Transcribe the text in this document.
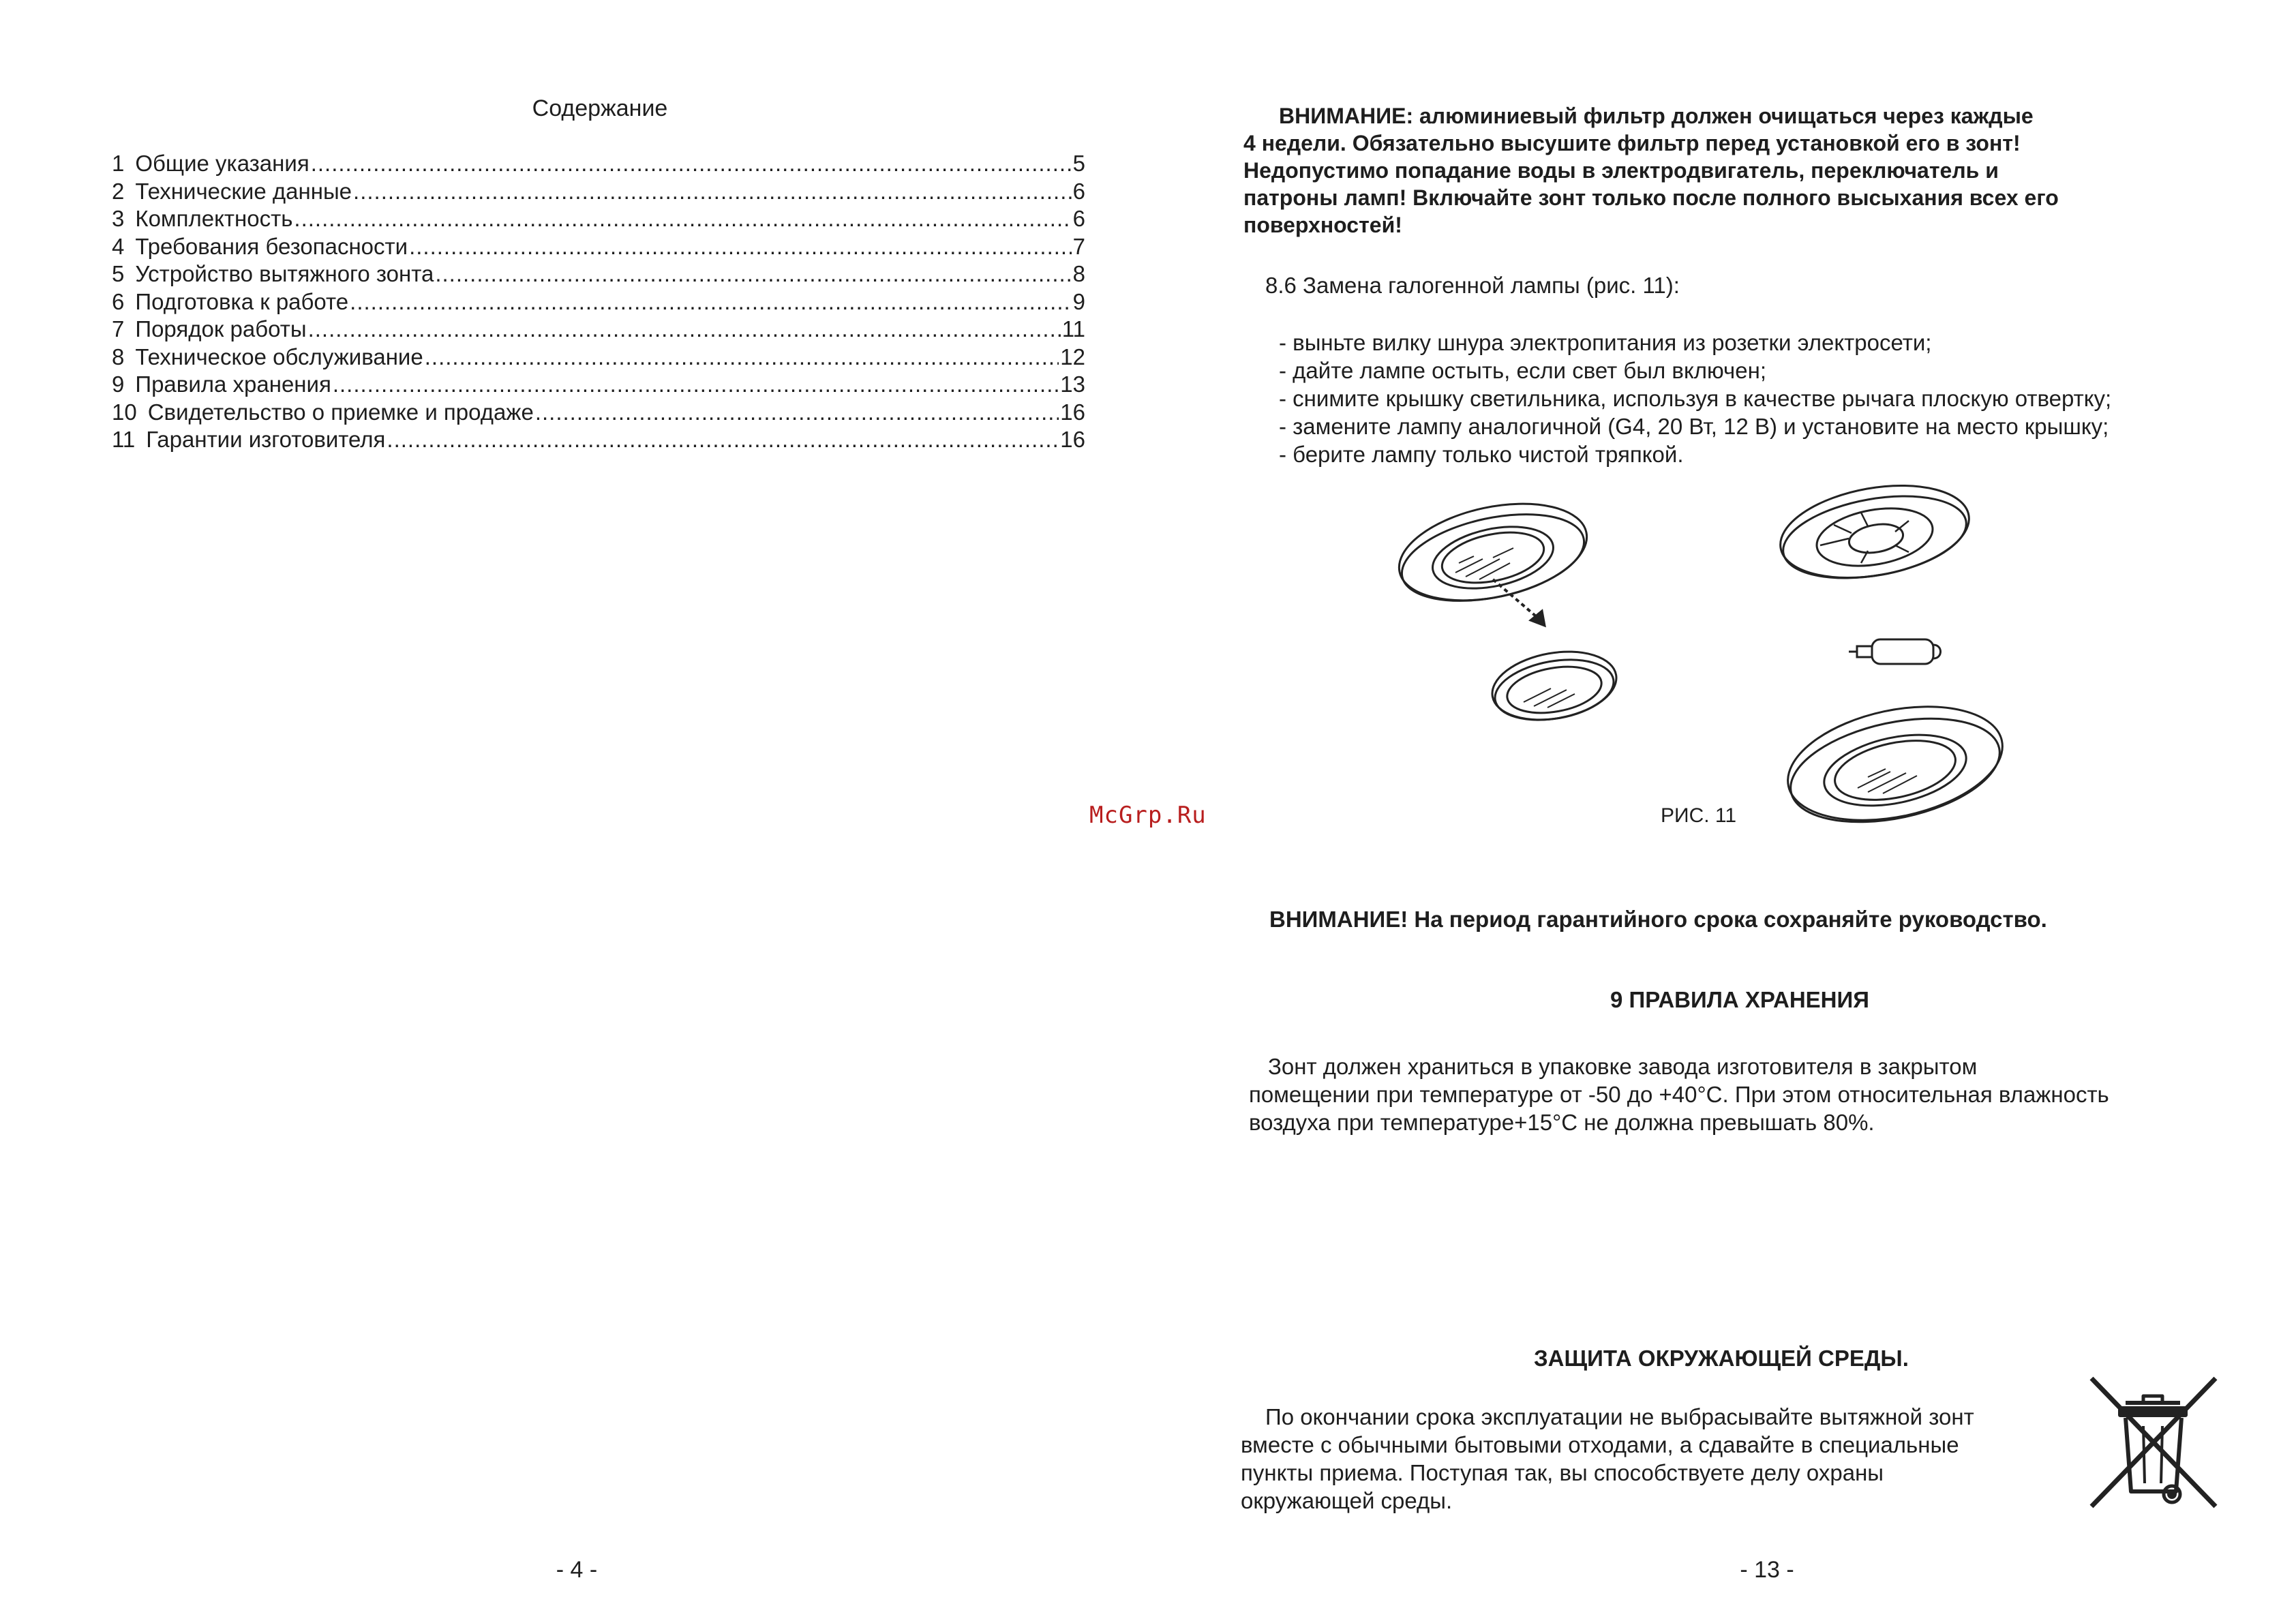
Содержание
1 Общие указания .....	5
2 Технические данные .....	6
3 Комплектность .....	6
4 Требования безопасности .....	7
5 Устройство вытяжного зонта .....	8
6 Подготовка к работе .....	9
7 Порядок работы .....	11
8 Техническое обслуживание .....	12
9 Правила хранения .....	13
10 Свидетельство о приемке и продаже .....	16
11 Гарантии изготовителя .....	16
- 4 -
McGrp.Ru
ВНИМАНИЕ: алюминиевый фильтр должен очищаться через каждые
4 недели. Обязательно высушите фильтр перед установкой его в зонт!
Недопустимо попадание воды в электродвигатель, переключатель и
патроны ламп! Включайте зонт только после полного высыхания всех его
поверхностей!
8.6 Замена галогенной лампы (рис. 11):
- выньте вилку шнура электропитания из розетки электросети;
- дайте лампе остыть, если свет был включен;
- снимите крышку светильника, используя в качестве рычага плоскую отвертку;
- замените лампу аналогичной (G4, 20 Вт, 12 В) и установите на место крышку;
- берите лампу только чистой тряпкой.
РИС. 11
ВНИМАНИЕ! На период гарантийного срока сохраняйте руководство.
9 ПРАВИЛА ХРАНЕНИЯ
Зонт должен храниться в упаковке завода изготовителя в закрытом
помещении при температуре от -50 до +40°С. При этом относительная влажность
воздуха при температуре+15°С не должна превышать 80%.
ЗАЩИТА ОКРУЖАЮЩЕЙ СРЕДЫ.
По окончании срока эксплуатации не выбрасывайте вытяжной зонт
вместе с обычными бытовыми отходами, а сдавайте в специальные
пункты приема. Поступая так, вы способствуете делу охраны
окружающей среды.
- 13 -
